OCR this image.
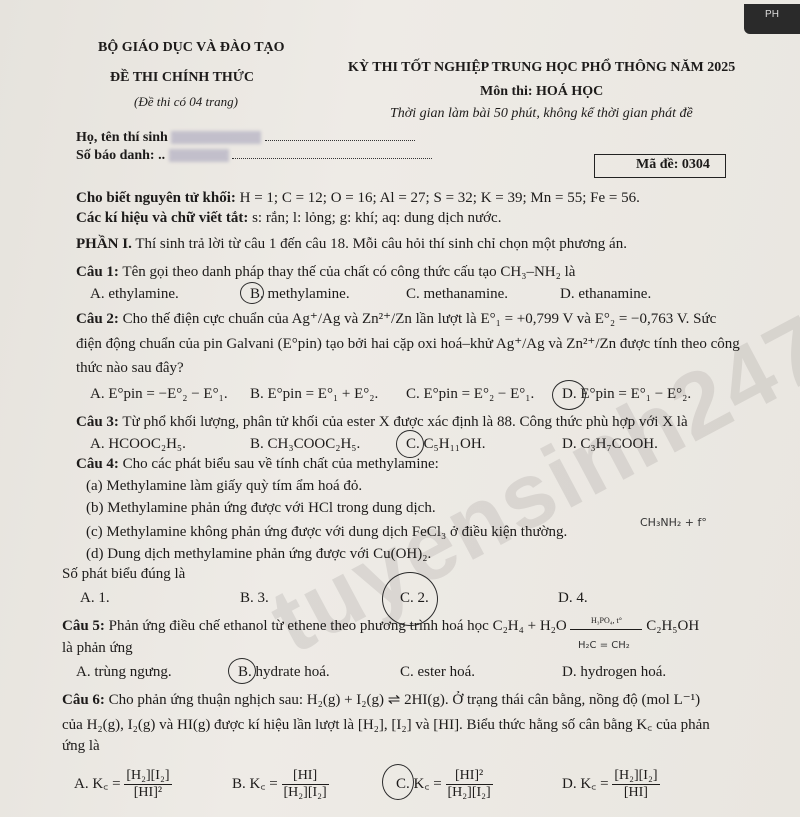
PH
BỘ GIÁO DỤC VÀ ĐÀO TẠO
ĐỀ THI CHÍNH THỨC
(Đề thi có 04 trang)
KỲ THI TỐT NGHIỆP TRUNG HỌC PHỔ THÔNG NĂM 2025
Môn thi: HOÁ HỌC
Thời gian làm bài 50 phút, không kể thời gian phát đề
Họ, tên thí sinh
Số báo danh: ..
Mã đề: 0304
Cho biết nguyên tử khối: H = 1; C = 12; O = 16; Al = 27; S = 32; K = 39; Mn = 55; Fe = 56.
Các kí hiệu và chữ viết tắt: s: rắn; l: lỏng; g: khí; aq: dung dịch nước.
PHẦN I. Thí sinh trả lời từ câu 1 đến câu 18. Mỗi câu hỏi thí sinh chỉ chọn một phương án.
Câu 1: Tên gọi theo danh pháp thay thế của chất có công thức cấu tạo CH₃–NH₂ là
A. ethylamine.	B. methylamine.	C. methanamine.	D. ethanamine.
Câu 2: Cho thế điện cực chuẩn của Ag⁺/Ag và Zn²⁺/Zn lần lượt là E°₁ = +0,799 V và E°₂ = −0,763 V. Sức
điện động chuẩn của pin Galvani (E°pin) tạo bởi hai cặp oxi hoá–khử Ag⁺/Ag và Zn²⁺/Zn được tính theo công
thức nào sau đây?
A. E°pin = −E°₂ − E°₁. B. E°pin = E°₁ + E°₂. C. E°pin = E°₂ − E°₁. D. E°pin = E°₁ − E°₂.
Câu 3: Từ phổ khối lượng, phân tử khối của ester X được xác định là 88. Công thức phù hợp với X là
A. HCOOC₂H₅.	B. CH₃COOC₂H₅.	C. C₅H₁₁OH.	D. C₃H₇COOH.
Câu 4: Cho các phát biểu sau về tính chất của methylamine:
(a) Methylamine làm giấy quỳ tím ẩm hoá đỏ.
(b) Methylamine phản ứng được với HCl trong dung dịch.
(c) Methylamine không phản ứng được với dung dịch FeCl₃ ở điều kiện thường.
(d) Dung dịch methylamine phản ứng được với Cu(OH)₂.
Số phát biểu đúng là
A. 1.	B. 3.	C. 2.	D. 4.
Câu 5: Phản ứng điều chế ethanol từ ethene theo phương trình hoá học C₂H₄ + H₂O	H₃PO₄, t°	C₂H₅OH
là phản ứng
A. trùng ngưng.	B. hydrate hoá.	C. ester hoá.	D. hydrogen hoá.
Câu 6: Cho phản ứng thuận nghịch sau: H₂(g) + I₂(g) ⇌ 2HI(g). Ở trạng thái cân bằng, nồng độ (mol L⁻¹)
của H₂(g), I₂(g) và HI(g) được kí hiệu lần lượt là [H₂], [I₂] và [HI]. Biểu thức hằng số cân bằng K꜀ của phản
ứng là
A. K꜀ = $\frac{\text{[H₂][I₂]}}{\text{[HI]²}}$	B. K꜀ = $\frac{[HI]}{\text{[H₂][I₂]}}$	C. K꜀ = $\frac{\text{[HI]²}}{\text{[H₂][I₂]}}$	D. K꜀ = $\frac{\text{[H₂][I₂]}}{[HI]}$
CH₃NH₂ + f°
H₂C = CH₂
